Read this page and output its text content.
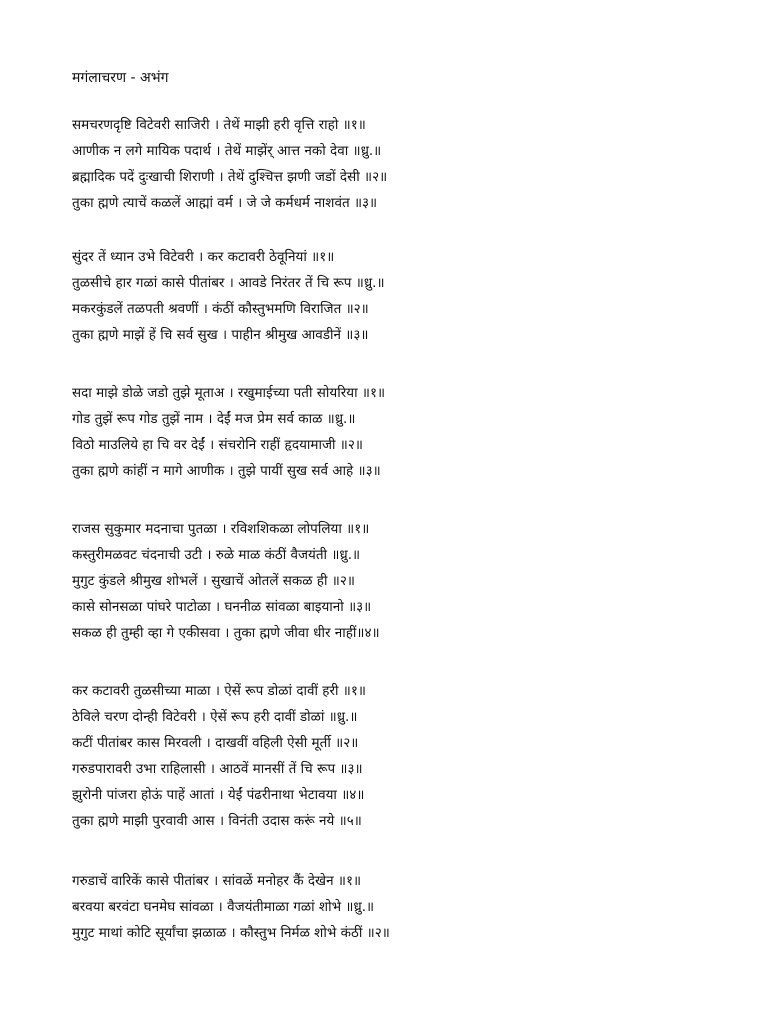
मगंलाचरण - अभंग
समचरणदृष्टि विटेवरी साजिरी । तेथें माझी हरी वृत्ति राहो ॥१॥
आणीक न लगे मायिक पदार्थ । तेथें माझेंर् आत्त नको देवा ॥ध्रु.॥
ब्रह्मादिक पदें दुःखाची शिराणी । तेथें दुश्चित्त झणी जडों देसी ॥२॥
तुका ह्मणे त्याचें कळलें आह्मां वर्म । जे जे कर्मधर्म नाशवंत ॥३॥
सुंदर तें ध्यान उभे विटेवरी । कर कटावरी ठेवूनियां ॥१॥
तुळसीचे हार गळां कासे पीतांबर । आवडे निरंतर तें चि रूप ॥ध्रु.॥
मकरकुंडलें तळपती श्रवणीं । कंठीं कौस्तुभमणि विराजित ॥२॥
तुका ह्मणे माझें हें चि सर्व सुख । पाहीन श्रीमुख आवडीनें ॥३॥
सदा माझे डोळे जडो तुझे मूताअ । रखुमाईच्या पती सोयरिया ॥१॥
गोड तुझें रूप गोड तुझें नाम । देईं मज प्रेम सर्व काळ ॥ध्रु.॥
विठो माउलिये हा चि वर देईं । संचरोनि राहीं हृदयामाजी ॥२॥
तुका ह्मणे कांहीं न मागे आणीक । तुझे पायीं सुख सर्व आहे ॥३॥
राजस सुकुमार मदनाचा पुतळा । रविशशिकळा लोपलिया ॥१॥
कस्तुरीमळवट चंदनाची उटी । रुळे माळ कंठीं वैजयंती ॥ध्रु.॥
मुगुट कुंडले श्रीमुख शोभलें । सुखाचें ओतलें सकळ ही ॥२॥
कासे सोनसळा पांघरे पाटोळा । घननीळ सांवळा बाइयानो ॥३॥
सकळ ही तुम्ही व्हा गे एकीसवा । तुका ह्मणे जीवा धीर नाहीं॥४॥
कर कटावरी तुळसीच्या माळा । ऐसें रूप डोळां दावीं हरी ॥१॥
ठेविले चरण दोन्ही विटेवरी । ऐसें रूप हरी दावीं डोळां ॥ध्रु.॥
कटीं पीतांबर कास मिरवली । दाखवीं वहिली ऐसी मूर्ती ॥२॥
गरुडपारावरी उभा राहिलासी । आठवें मानसीं तें चि रूप ॥३॥
झुरोनी पांजरा होऊं पाहें आतां । येईं पंढरीनाथा भेटावया ॥४॥
तुका ह्मणे माझी पुरवावी आस । विनंती उदास करूं नये ॥५॥
गरुडाचें वारिकें कासे पीतांबर । सांवळें मनोहर कैं देखेन ॥१॥
बरवया बरवंटा घनमेघ सांवळा । वैजयंतीमाळा गळां शोभे ॥ध्रु.॥
मुगुट माथां कोटि सूर्यांचा झळाळ । कौस्तुभ निर्मळ शोभे कंठीं ॥२॥
